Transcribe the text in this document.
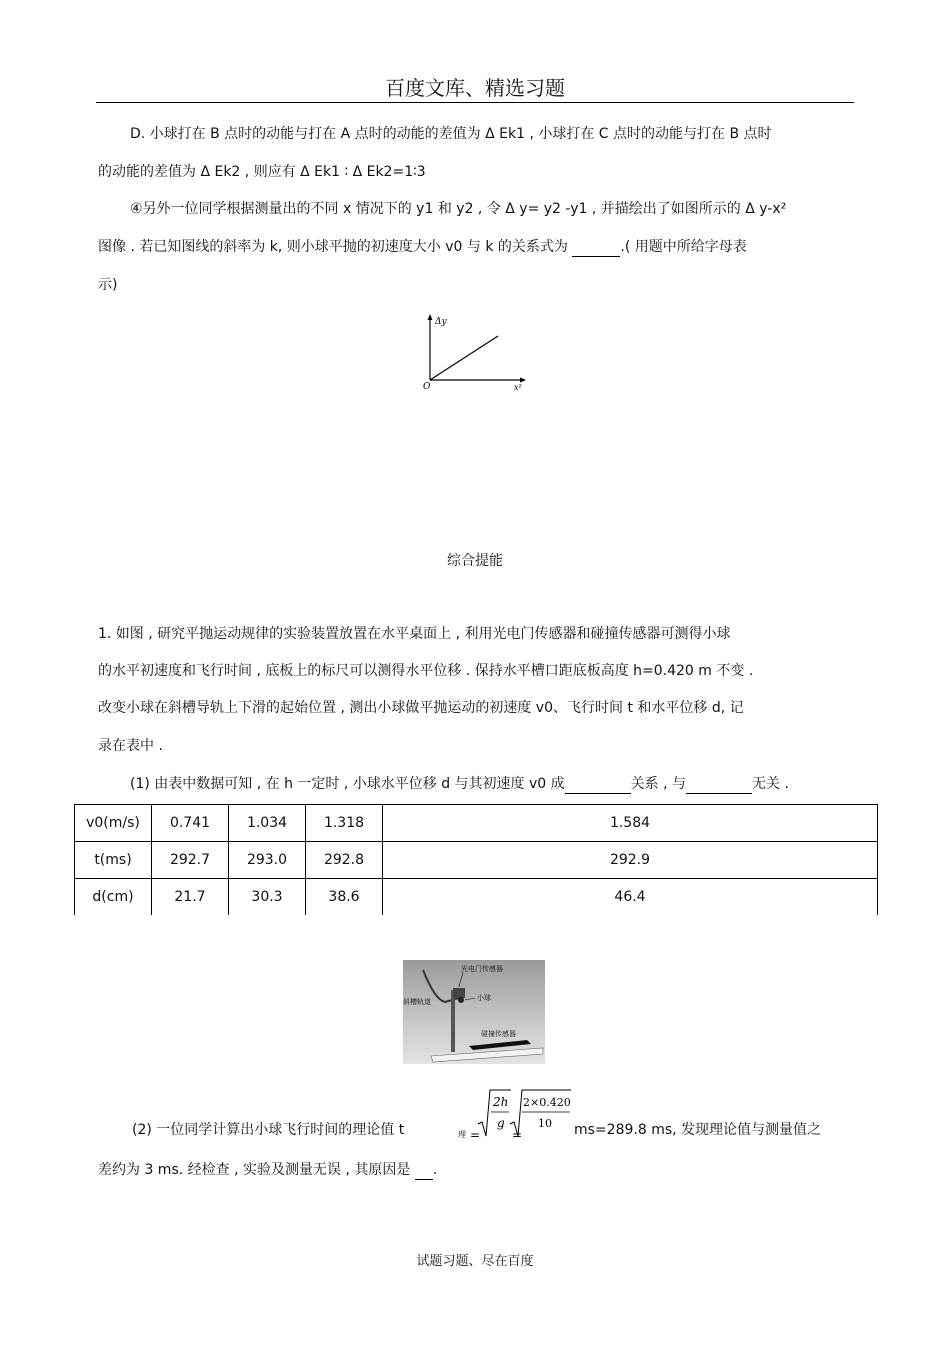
百度文库、精选习题
D. 小球打在 B 点时的动能与打在 A 点时的动能的差值为 Δ Ek1 , 小球打在 C 点时的动能与打在 B 点时
的动能的差值为 Δ Ek2 , 则应有 Δ Ek1 ∶ Δ Ek2=1∶3
④另外一位同学根据测量出的不同 x 情况下的 y1 和 y2 , 令 Δ y= y2 -y1 , 并描绘出了如图所示的 Δ y-x²
图像 . 若已知图线的斜率为 k, 则小球平抛的初速度大小 v0 与 k 的关系式为	.( 用题中所给字母表
示)
Δy
x²
O
综合提能
1. 如图 , 研究平抛运动规律的实验装置放置在水平桌面上 , 利用光电门传感器和碰撞传感器可测得小球
的水平初速度和飞行时间 , 底板上的标尺可以测得水平位移 . 保持水平槽口距底板高度 h=0.420 m 不变 .
改变小球在斜槽导轨上下滑的起始位置 , 测出小球做平抛运动的初速度 v0、飞行时间 t 和水平位移 d, 记
录在表中 .
(1) 由表中数据可知 , 在 h 一定时 , 小球水平位移 d 与其初速度 v0 成	关系 , 与	无关 .
v0(m/s)	0.741	1.034	1.318	1.584
t(ms)	292.7	293.0	292.8	292.9
d(cm)	21.7	30.3	38.6	46.4
光电门传感器
小球
斜槽轨道
碰撞传感器
(2) 一位同学计算出小球飞行时间的理论值 t	理 =
2h
g
=
2×0.420
10 ms=289.8 ms, 发现理论值与测量值之
差约为 3 ms. 经检查 , 实验及测量无误 , 其原因是 .
试题习题、尽在百度
